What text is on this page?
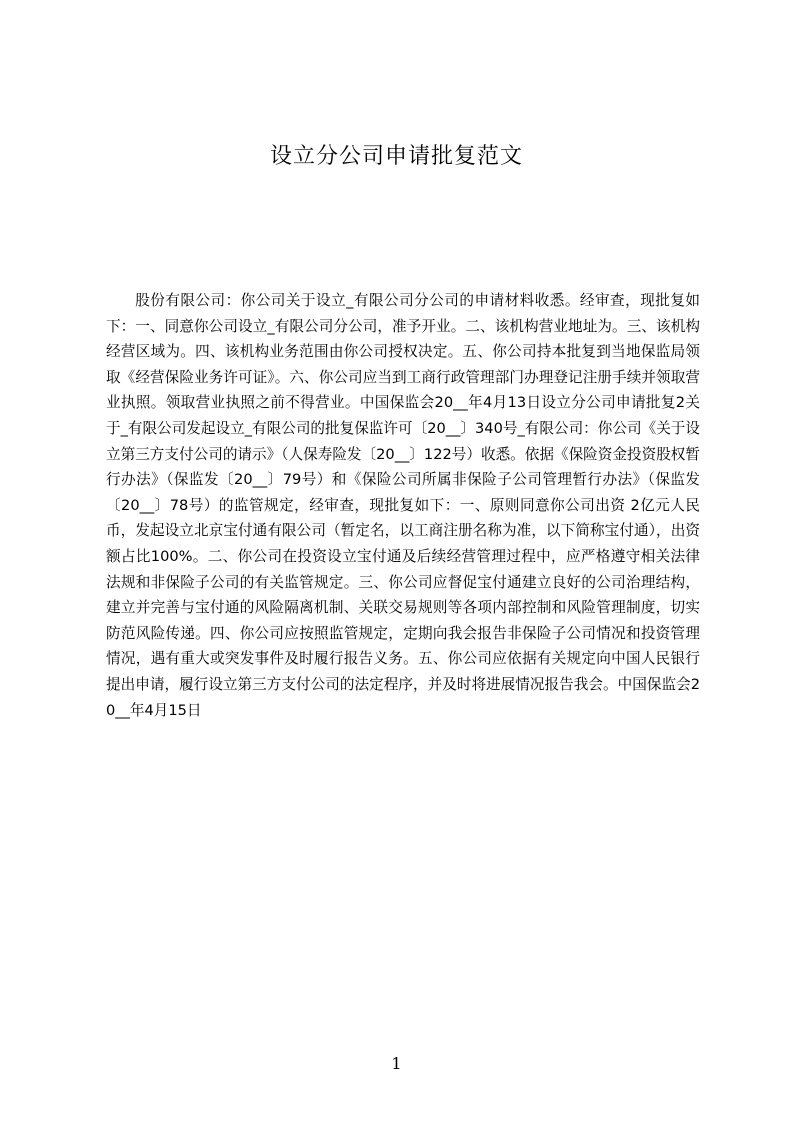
设立分公司申请批复范文
股份有限公司：你公司关于设立_有限公司分公司的申请材料收悉。经审查，现批复如下：一、同意你公司设立_有限公司分公司，准予开业。二、该机构营业地址为。三、该机构经营区域为。四、该机构业务范围由你公司授权决定。五、你公司持本批复到当地保监局领取《经营保险业务许可证》。六、你公司应当到工商行政管理部门办理登记注册手续并领取营业执照。领取营业执照之前不得营业。中国保监会20__年4月13日设立分公司申请批复2关于_有限公司发起设立_有限公司的批复保监许可〔20__〕340号_有限公司：你公司《关于设立第三方支付公司的请示》（人保寿险发〔20__〕122号）收悉。依据《保险资金投资股权暂行办法》（保监发〔20__〕79号）和《保险公司所属非保险子公司管理暂行办法》（保监发〔20__〕78号）的监管规定，经审查，现批复如下：一、原则同意你公司出资 2亿元人民币，发起设立北京宝付通有限公司（暂定名，以工商注册名称为准，以下简称宝付通），出资额占比100%。二、你公司在投资设立宝付通及后续经营管理过程中，应严格遵守相关法律法规和非保险子公司的有关监管规定。三、你公司应督促宝付通建立良好的公司治理结构，建立并完善与宝付通的风险隔离机制、关联交易规则等各项内部控制和风险管理制度，切实防范风险传递。四、你公司应按照监管规定，定期向我会报告非保险子公司情况和投资管理情况，遇有重大或突发事件及时履行报告义务。五、你公司应依据有关规定向中国人民银行提出申请，履行设立第三方支付公司的法定程序，并及时将进展情况报告我会。中国保监会20__年4月15日
1
